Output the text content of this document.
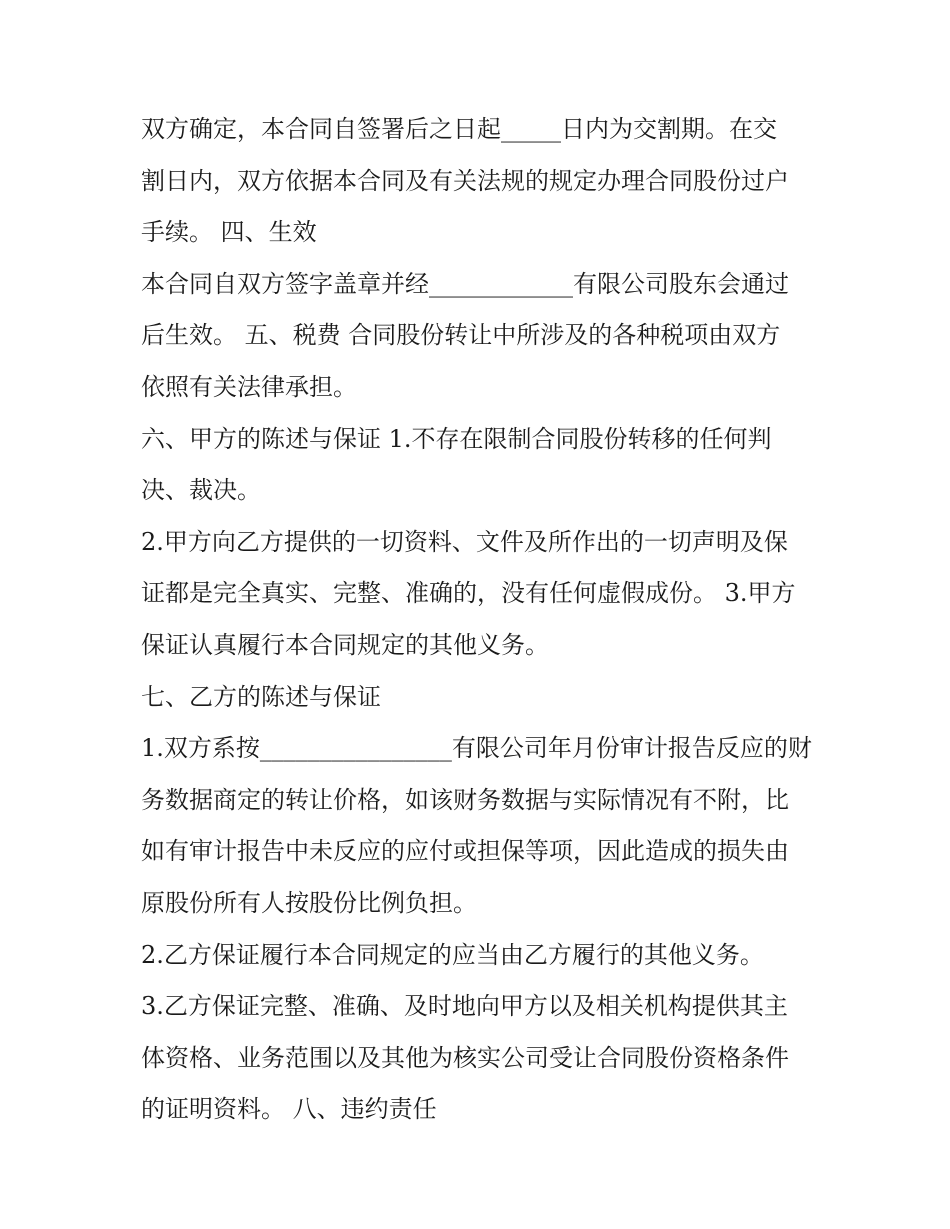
双方确定，本合同自签署后之日起_____日内为交割期。在交
割日内，双方依据本合同及有关法规的规定办理合同股份过户
手续。 四、生效
本合同自双方签字盖章并经____________有限公司股东会通过
后生效。 五、税费 合同股份转让中所涉及的各种税项由双方
依照有关法律承担。
六、甲方的陈述与保证 1.不存在限制合同股份转移的任何判
决、裁决。
2.甲方向乙方提供的一切资料、文件及所作出的一切声明及保
证都是完全真实、完整、准确的，没有任何虚假成份。 3.甲方
保证认真履行本合同规定的其他义务。
七、乙方的陈述与保证
1.双方系按________________有限公司年月份审计报告反应的财
务数据商定的转让价格，如该财务数据与实际情况有不附，比
如有审计报告中未反应的应付或担保等项，因此造成的损失由
原股份所有人按股份比例负担。
2.乙方保证履行本合同规定的应当由乙方履行的其他义务。
3.乙方保证完整、准确、及时地向甲方以及相关机构提供其主
体资格、业务范围以及其他为核实公司受让合同股份资格条件
的证明资料。 八、违约责任
